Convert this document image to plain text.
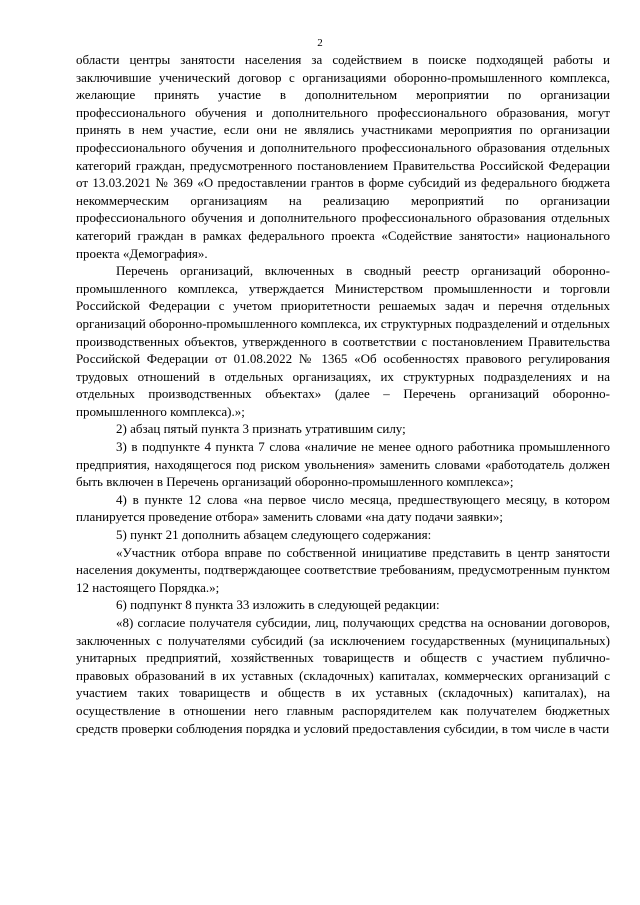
2

области центры занятости населения за содействием в поиске подходящей работы и заключившие ученический договор с организациями оборонно-промышленного комплекса, желающие принять участие в дополнительном мероприятии по организации профессионального обучения и дополнительного профессионального образования, могут принять в нем участие, если они не являлись участниками мероприятия по организации профессионального обучения и дополнительного профессионального образования отдельных категорий граждан, предусмотренного постановлением Правительства Российской Федерации от 13.03.2021 № 369 «О предоставлении грантов в форме субсидий из федерального бюджета некоммерческим организациям на реализацию мероприятий по организации профессионального обучения и дополнительного профессионального образования отдельных категорий граждан в рамках федерального проекта «Содействие занятости» национального проекта «Демография».

Перечень организаций, включенных в сводный реестр организаций оборонно-промышленного комплекса, утверждается Министерством промышленности и торговли Российской Федерации с учетом приоритетности решаемых задач и перечня отдельных организаций оборонно-промышленного комплекса, их структурных подразделений и отдельных производственных объектов, утвержденного в соответствии с постановлением Правительства Российской Федерации от 01.08.2022 № 1365 «Об особенностях правового регулирования трудовых отношений в отдельных организациях, их структурных подразделениях и на отдельных производственных объектах» (далее – Перечень организаций оборонно-промышленного комплекса).»;

2) абзац пятый пункта 3 признать утратившим силу;

3) в подпункте 4 пункта 7 слова «наличие не менее одного работника промышленного предприятия, находящегося под риском увольнения» заменить словами «работодатель должен быть включен в Перечень организаций оборонно-промышленного комплекса»;

4) в пункте 12 слова «на первое число месяца, предшествующего месяцу, в котором планируется проведение отбора» заменить словами «на дату подачи заявки»;

5) пункт 21 дополнить абзацем следующего содержания:

«Участник отбора вправе по собственной инициативе представить в центр занятости населения документы, подтверждающее соответствие требованиям, предусмотренным пунктом 12 настоящего Порядка.»;

6) подпункт 8 пункта 33 изложить в следующей редакции:

«8) согласие получателя субсидии, лиц, получающих средства на основании договоров, заключенных с получателями субсидий (за исключением государственных (муниципальных) унитарных предприятий, хозяйственных товариществ и обществ с участием публично-правовых образований в их уставных (складочных) капиталах, коммерческих организаций с участием таких товариществ и обществ в их уставных (складочных) капиталах), на осуществление в отношении него главным распорядителем как получателем бюджетных средств проверки соблюдения порядка и условий предоставления субсидии, в том числе в части
